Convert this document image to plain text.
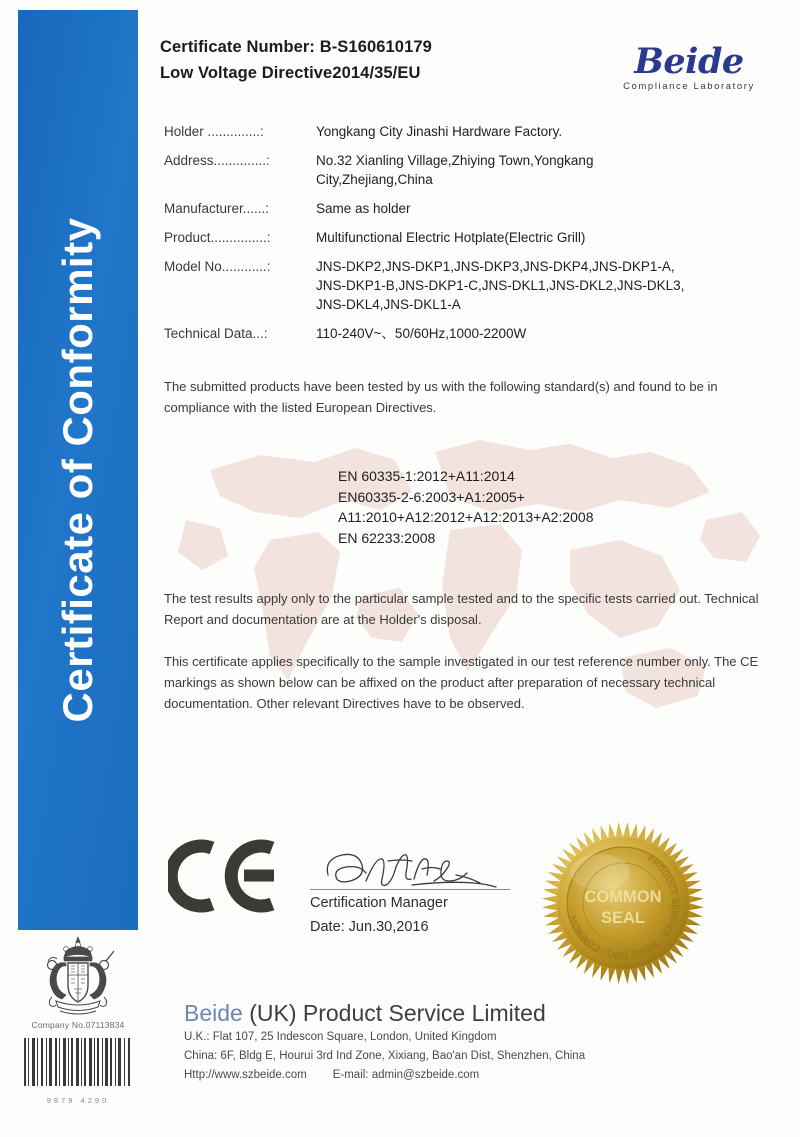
Certificate of Conformity
Company No.07113834
9879 4290
Certificate Number: B-S160610179
Low Voltage Directive2014/35/EU	Beide
Compliance Laboratory
Holder ..............:	Yongkang City Jinashi Hardware Factory.
Address..............:	No.32 Xianling Village,Zhiying Town,Yongkang
City,Zhejiang,China
Manufacturer......:	Same as holder
Product...............:	Multifunctional Electric Hotplate(Electric Grill)
Model No............:	JNS-DKP2,JNS-DKP1,JNS-DKP3,JNS-DKP4,JNS-DKP1-A,
JNS-DKP1-B,JNS-DKP1-C,JNS-DKL1,JNS-DKL2,JNS-DKL3,
JNS-DKL4,JNS-DKL1-A
Technical Data...:	110-240V~、50/60Hz,1000-2200W
The submitted products have been tested by us with the following standard(s) and found to be in compliance with the listed European Directives.
EN 60335-1:2012+A11:2014
EN60335-2-6:2003+A1:2005+
A11:2010+A12:2012+A12:2013+A2:2008
EN 62233:2008
The test results apply only to the particular sample tested and to the specific tests carried out. Technical Report and documentation are at the Holder's disposal.
This certificate applies specifically to the sample investigated in our test reference number only. The CE markings as shown below can be affixed on the product after preparation of necessary technical documentation. Other relevant Directives have to be observed.
Certification Manager
Date: Jun.30,2016
PRODUCT SERVICE · BEIDE (UK) · COMMON
COMMON
SEAL
Beide (UK) Product Service Limited
U.K.: Flat 107, 25 Indescon Square, London, United Kingdom
China: 6F, Bldg E, Hourui 3rd Ind Zone, Xixiang, Bao'an Dist, Shenzhen, China
Http://www.szbeide.com E-mail: admin@szbeide.com
